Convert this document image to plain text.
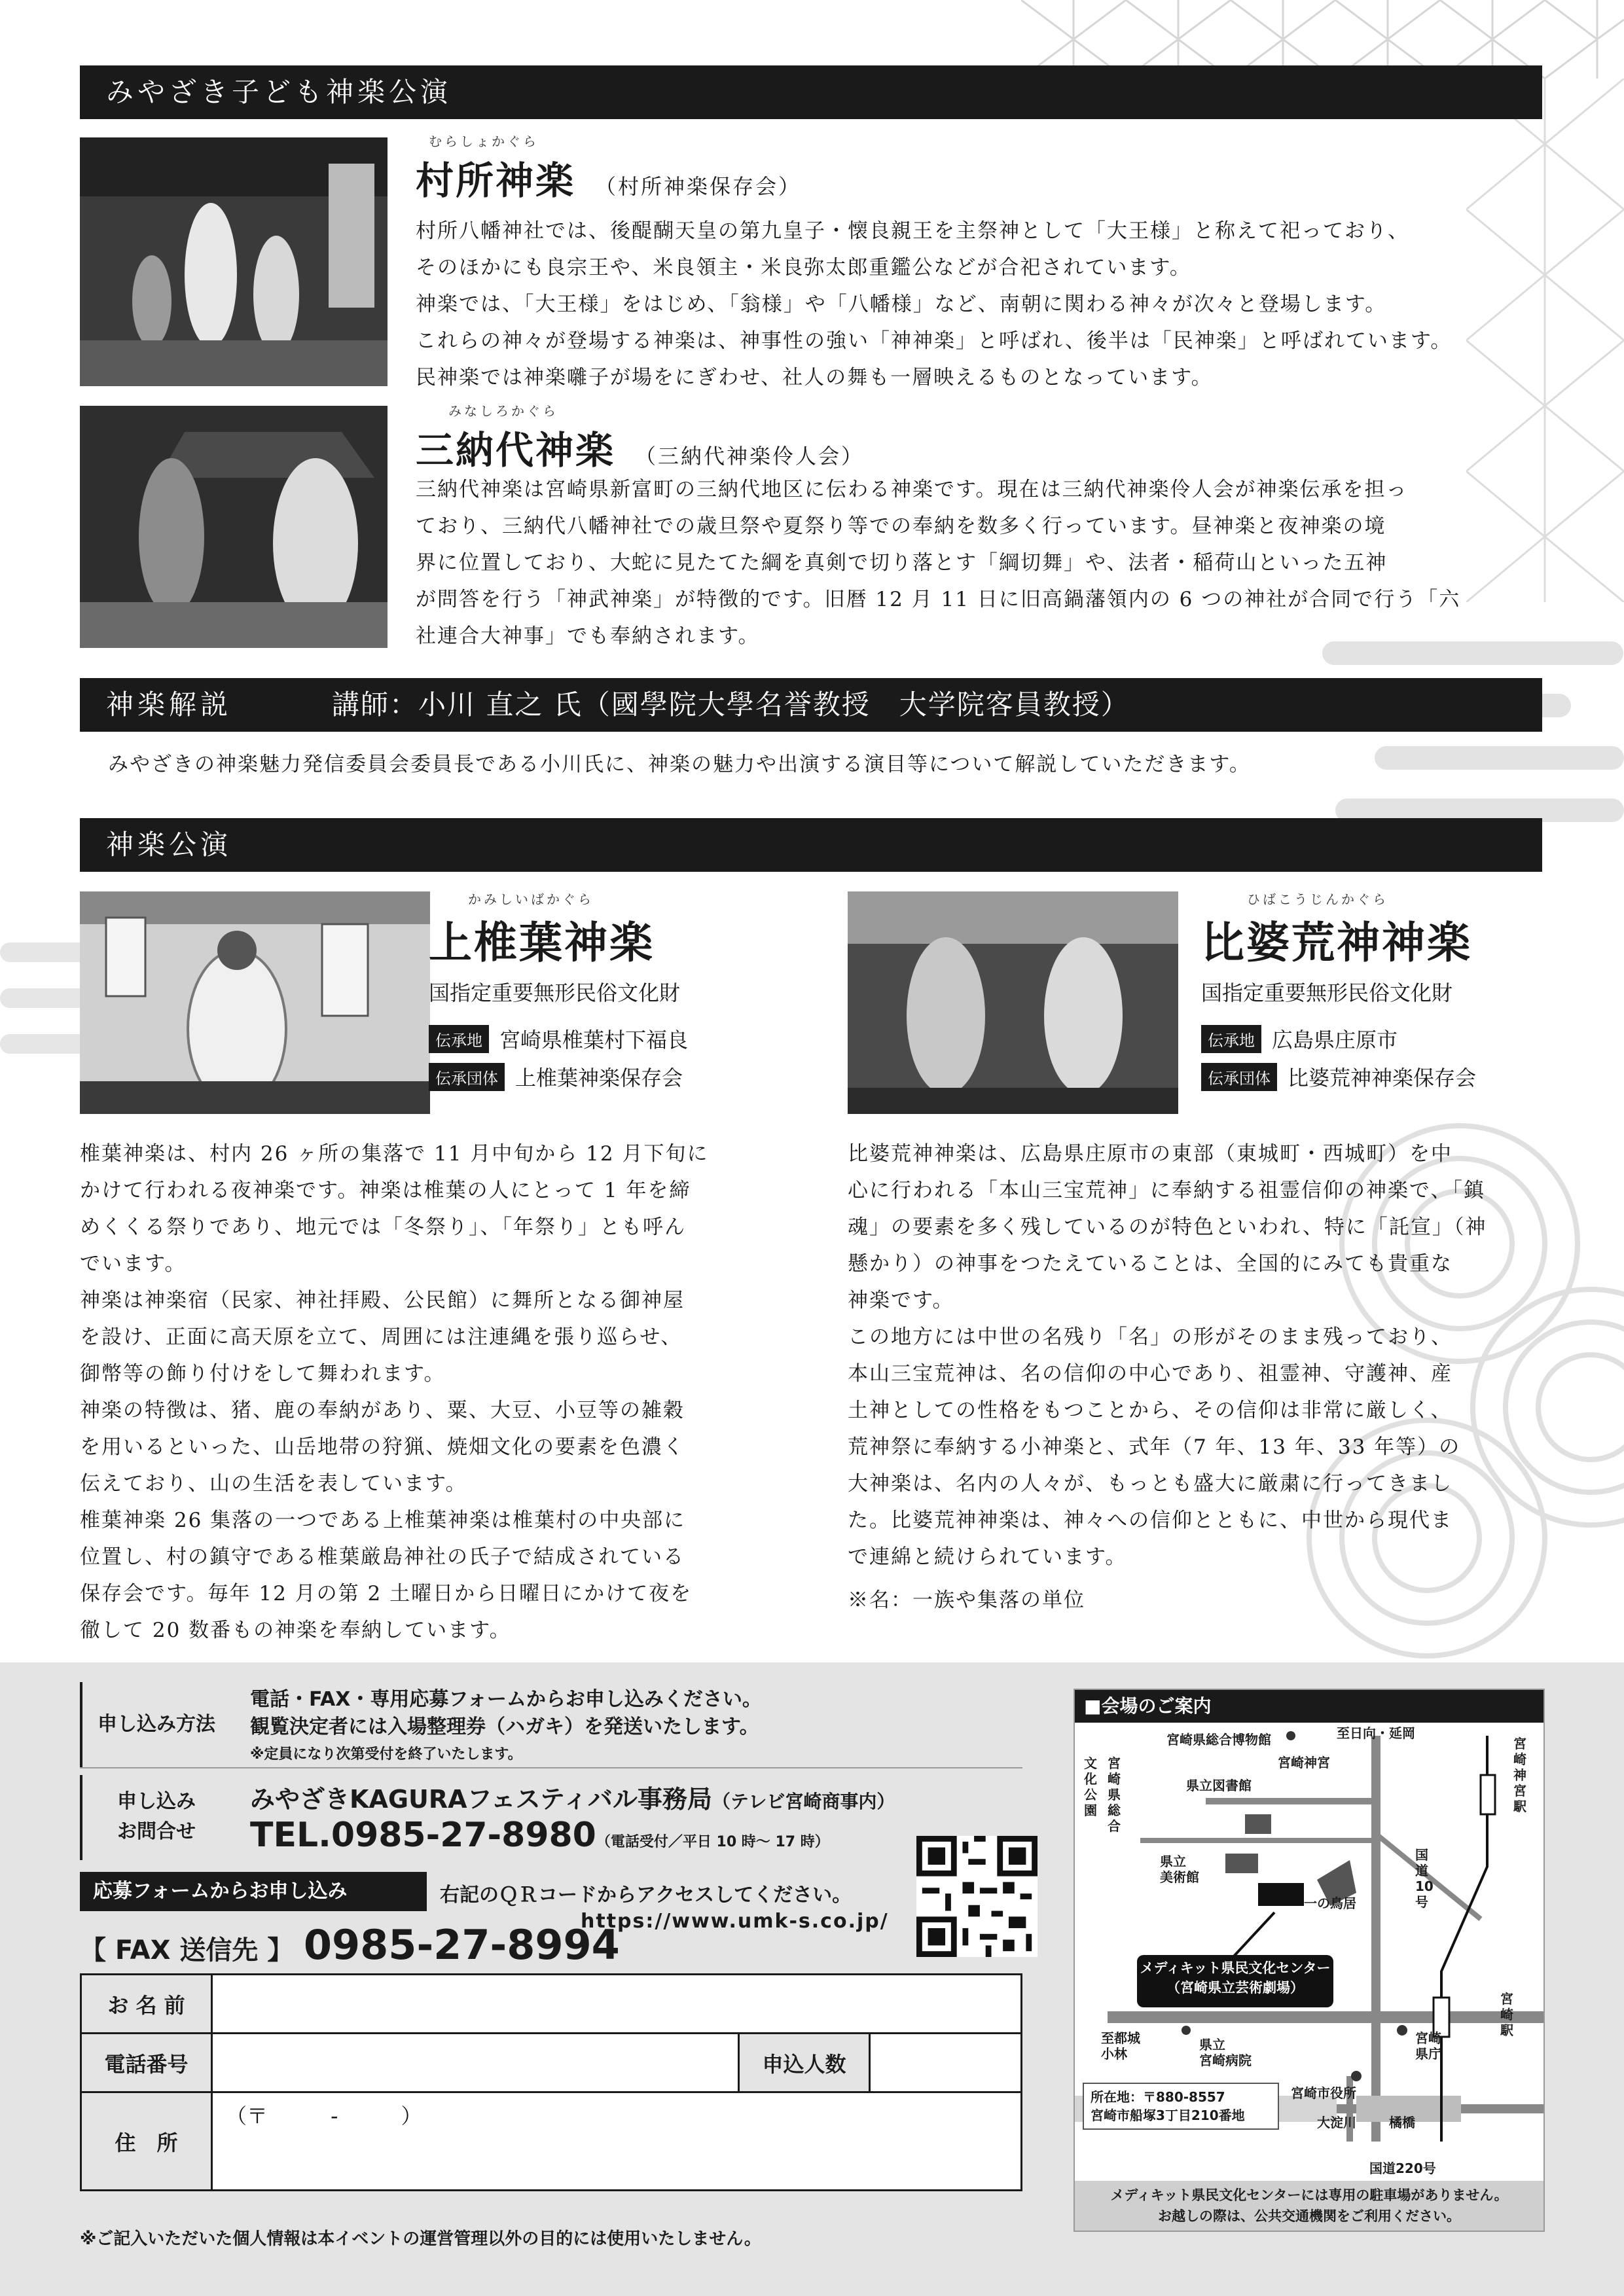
みやざき子ども神楽公演
むらしょかぐら
村所神楽 （村所神楽保存会）

村所八幡神社では、後醍醐天皇の第九皇子・懐良親王を主祭神として「大王様」と称えて祀っており、

そのほかにも良宗王や、米良領主・米良弥太郎重鑑公などが合祀されています。

神楽では、「大王様」をはじめ、「翁様」や「八幡様」など、南朝に関わる神々が次々と登場します。

これらの神々が登場する神楽は、神事性の強い「神神楽」と呼ばれ、後半は「民神楽」と呼ばれています。

民神楽では神楽囃子が場をにぎわせ、社人の舞も一層映えるものとなっています。

みなしろかぐら
三納代神楽 （三納代神楽伶人会）

三納代神楽は宮崎県新富町の三納代地区に伝わる神楽です。現在は三納代神楽伶人会が神楽伝承を担っ

ており、三納代八幡神社での歳旦祭や夏祭り等での奉納を数多く行っています。昼神楽と夜神楽の境

界に位置しており、大蛇に見たてた綱を真剣で切り落とす「綱切舞」や、法者・稲荷山といった五神

が問答を行う「神武神楽」が特徴的です。旧暦 12 月 11 日に旧高鍋藩領内の 6 つの神社が合同で行う「六

社連合大神事」でも奉納されます。

神楽解説	講師：小川 直之 氏（國學院大學名誉教授　大学院客員教授）

みやざきの神楽魅力発信委員会委員長である小川氏に、神楽の魅力や出演する演目等について解説していただきます。

神楽公演
かみしいばかぐら
上椎葉神楽
国指定重要無形民俗文化財
伝承地 宮崎県椎葉村下福良
伝承団体 上椎葉神楽保存会

椎葉神楽は、村内 26 ヶ所の集落で 11 月中旬から 12 月下旬に

かけて行われる夜神楽です。神楽は椎葉の人にとって 1 年を締

めくくる祭りであり、地元では「冬祭り」、「年祭り」とも呼ん

でいます。

神楽は神楽宿（民家、神社拝殿、公民館）に舞所となる御神屋

を設け、正面に高天原を立て、周囲には注連縄を張り巡らせ、

御幣等の飾り付けをして舞われます。

神楽の特徴は、猪、鹿の奉納があり、粟、大豆、小豆等の雑穀

を用いるといった、山岳地帯の狩猟、焼畑文化の要素を色濃く

伝えており、山の生活を表しています。

椎葉神楽 26 集落の一つである上椎葉神楽は椎葉村の中央部に

位置し、村の鎮守である椎葉厳島神社の氏子で結成されている

保存会です。毎年 12 月の第 2 土曜日から日曜日にかけて夜を

徹して 20 数番もの神楽を奉納しています。

ひばこうじんかぐら
比婆荒神神楽
国指定重要無形民俗文化財
伝承地 広島県庄原市
伝承団体 比婆荒神神楽保存会

比婆荒神神楽は、広島県庄原市の東部（東城町・西城町）を中

心に行われる「本山三宝荒神」に奉納する祖霊信仰の神楽で、「鎮

魂」の要素を多く残しているのが特色といわれ、特に「託宣」（神

懸かり）の神事をつたえていることは、全国的にみても貴重な

神楽です。

この地方には中世の名残り「名」の形がそのまま残っており、

本山三宝荒神は、名の信仰の中心であり、祖霊神、守護神、産

土神としての性格をもつことから、その信仰は非常に厳しく、

荒神祭に奉納する小神楽と、式年（7 年、13 年、33 年等）の

大神楽は、名内の人々が、もっとも盛大に厳粛に行ってきまし

た。比婆荒神神楽は、神々への信仰とともに、中世から現代ま

で連綿と続けられています。

※名：一族や集落の単位

申し込み方法
電話・FAX・専用応募フォームからお申し込みください。
観覧決定者には入場整理券（ハガキ）を発送いたします。
※定員になり次第受付を終了いたします。
申し込み
お問合せ
みやざきKAGURAフェスティバル事務局（テレビ宮崎商事内）
TEL.0985-27-8980（電話受付／平日 10 時～ 17 時）
応募フォームからお申し込み	右記のＱＲコードからアクセスしてください。
https://www.umk-s.co.jp/
【 FAX 送信先 】 0985-27-8994
※ご記入いただいた個人情報は本イベントの運営管理以外の目的には使用いたしません。
お 名 前			
電話番号		申込人数	
住　所	（〒　　　-　　　）		
■会場のご案内
宮崎県総合博物館	至日向・延岡
宮崎神宮
県立図書館
文化公園
宮崎県総合
県立
美術館
一の鳥居
国道10号
メディキット県民文化センター
（宮崎県立芸術劇場）
至都城
小林
県立
宮崎病院
宮崎
県庁
宮崎市役所
大淀川	橘橋
国道220号
宮崎神宮駅
宮崎駅
所在地：〒880-8557
宮崎市船塚3丁目210番地
メディキット県民文化センターには専用の駐車場がありません。
お越しの際は、公共交通機関をご利用ください。
